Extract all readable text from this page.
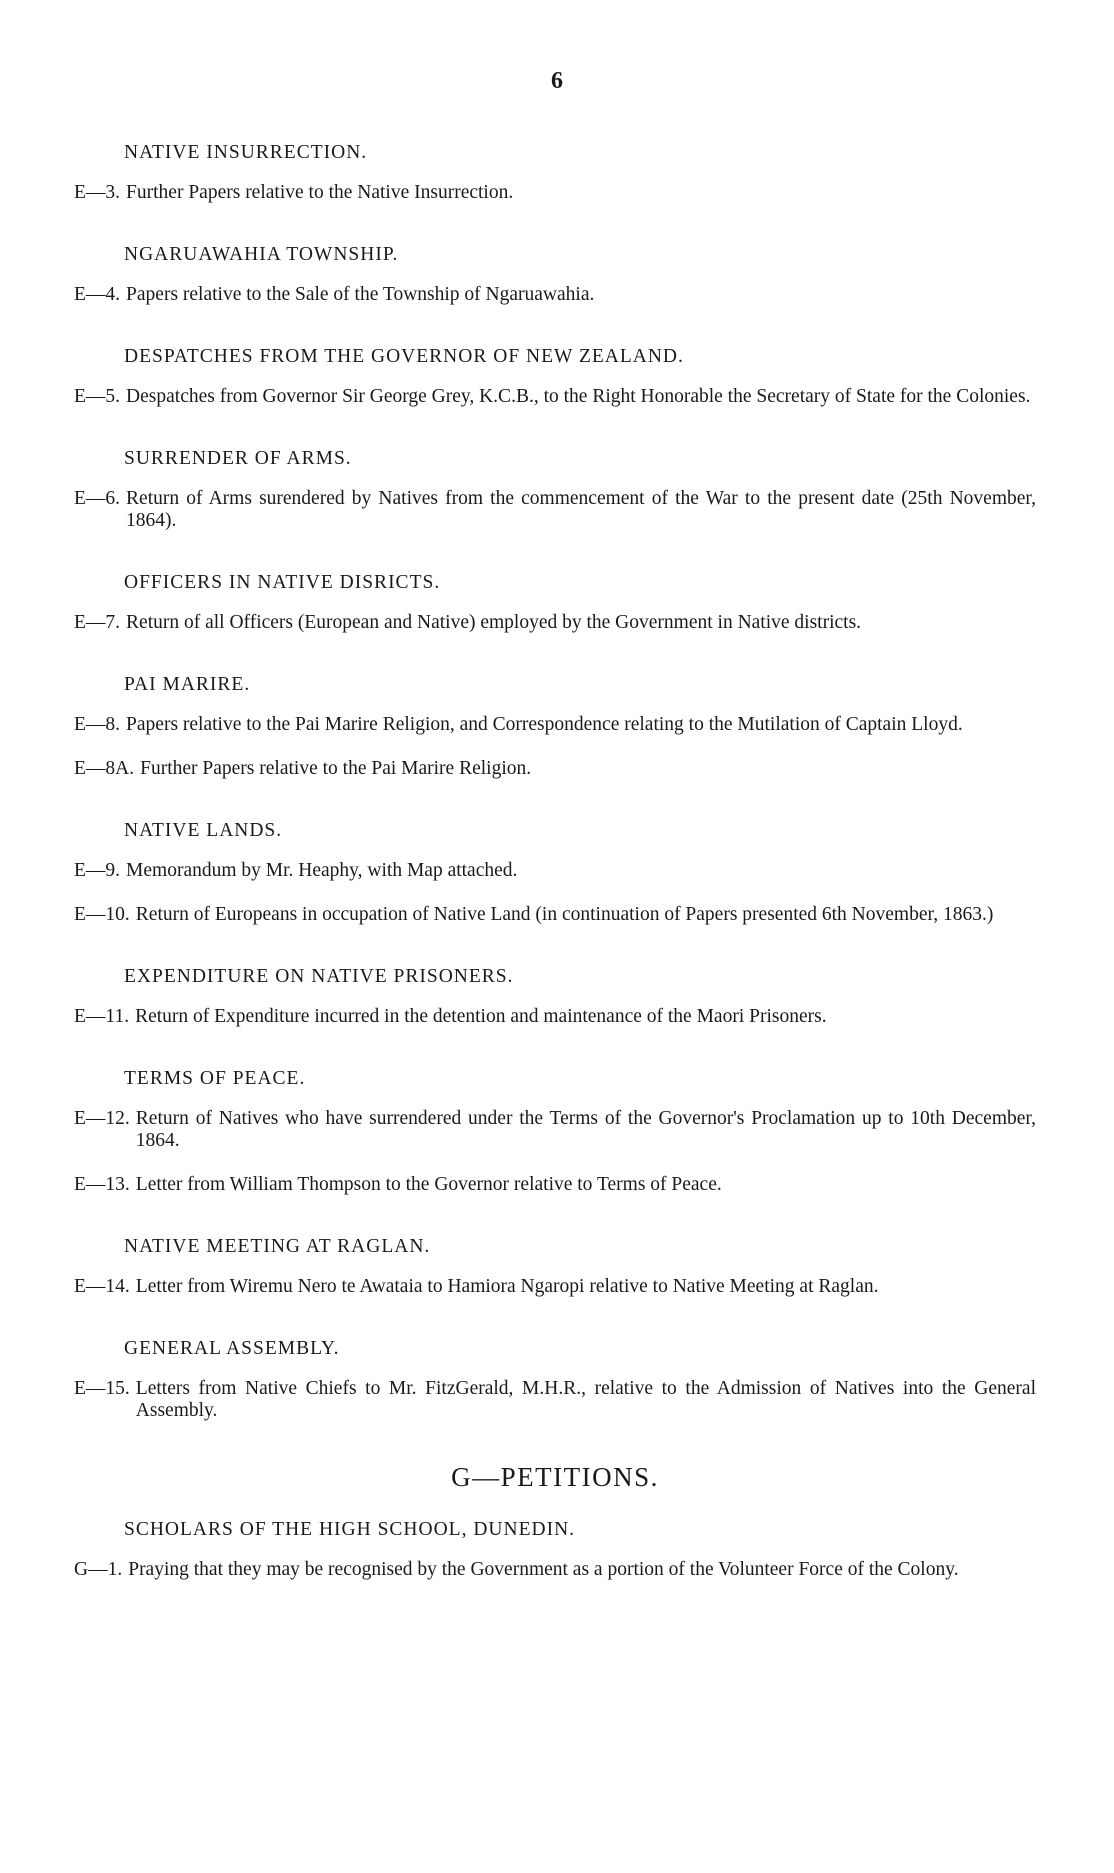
6
NATIVE INSURRECTION.
E—3. Further Papers relative to the Native Insurrection.
NGARUAWAHIA TOWNSHIP.
E—4. Papers relative to the Sale of the Township of Ngaruawahia.
DESPATCHES FROM THE GOVERNOR OF NEW ZEALAND.
E—5. Despatches from Governor Sir George Grey, K.C.B., to the Right Honorable the Secretary of State for the Colonies.
SURRENDER OF ARMS.
E—6. Return of Arms surendered by Natives from the commencement of the War to the present date (25th November, 1864).
OFFICERS IN NATIVE DISRICTS.
E—7. Return of all Officers (European and Native) employed by the Government in Native districts.
PAI MARIRE.
E—8. Papers relative to the Pai Marire Religion, and Correspondence relating to the Mutilation of Captain Lloyd.
E—8A. Further Papers relative to the Pai Marire Religion.
NATIVE LANDS.
E—9. Memorandum by Mr. Heaphy, with Map attached.
E—10. Return of Europeans in occupation of Native Land (in continuation of Papers presented 6th November, 1863.)
EXPENDITURE ON NATIVE PRISONERS.
E—11. Return of Expenditure incurred in the detention and maintenance of the Maori Prisoners.
TERMS OF PEACE.
E—12. Return of Natives who have surrendered under the Terms of the Governor's Proclamation up to 10th December, 1864.
E—13. Letter from William Thompson to the Governor relative to Terms of Peace.
NATIVE MEETING AT RAGLAN.
E—14. Letter from Wiremu Nero te Awataia to Hamiora Ngaropi relative to Native Meeting at Raglan.
GENERAL ASSEMBLY.
E—15. Letters from Native Chiefs to Mr. FitzGerald, M.H.R., relative to the Admission of Natives into the General Assembly.
G—PETITIONS.
SCHOLARS OF THE HIGH SCHOOL, DUNEDIN.
G—1. Praying that they may be recognised by the Government as a portion of the Volunteer Force of the Colony.
